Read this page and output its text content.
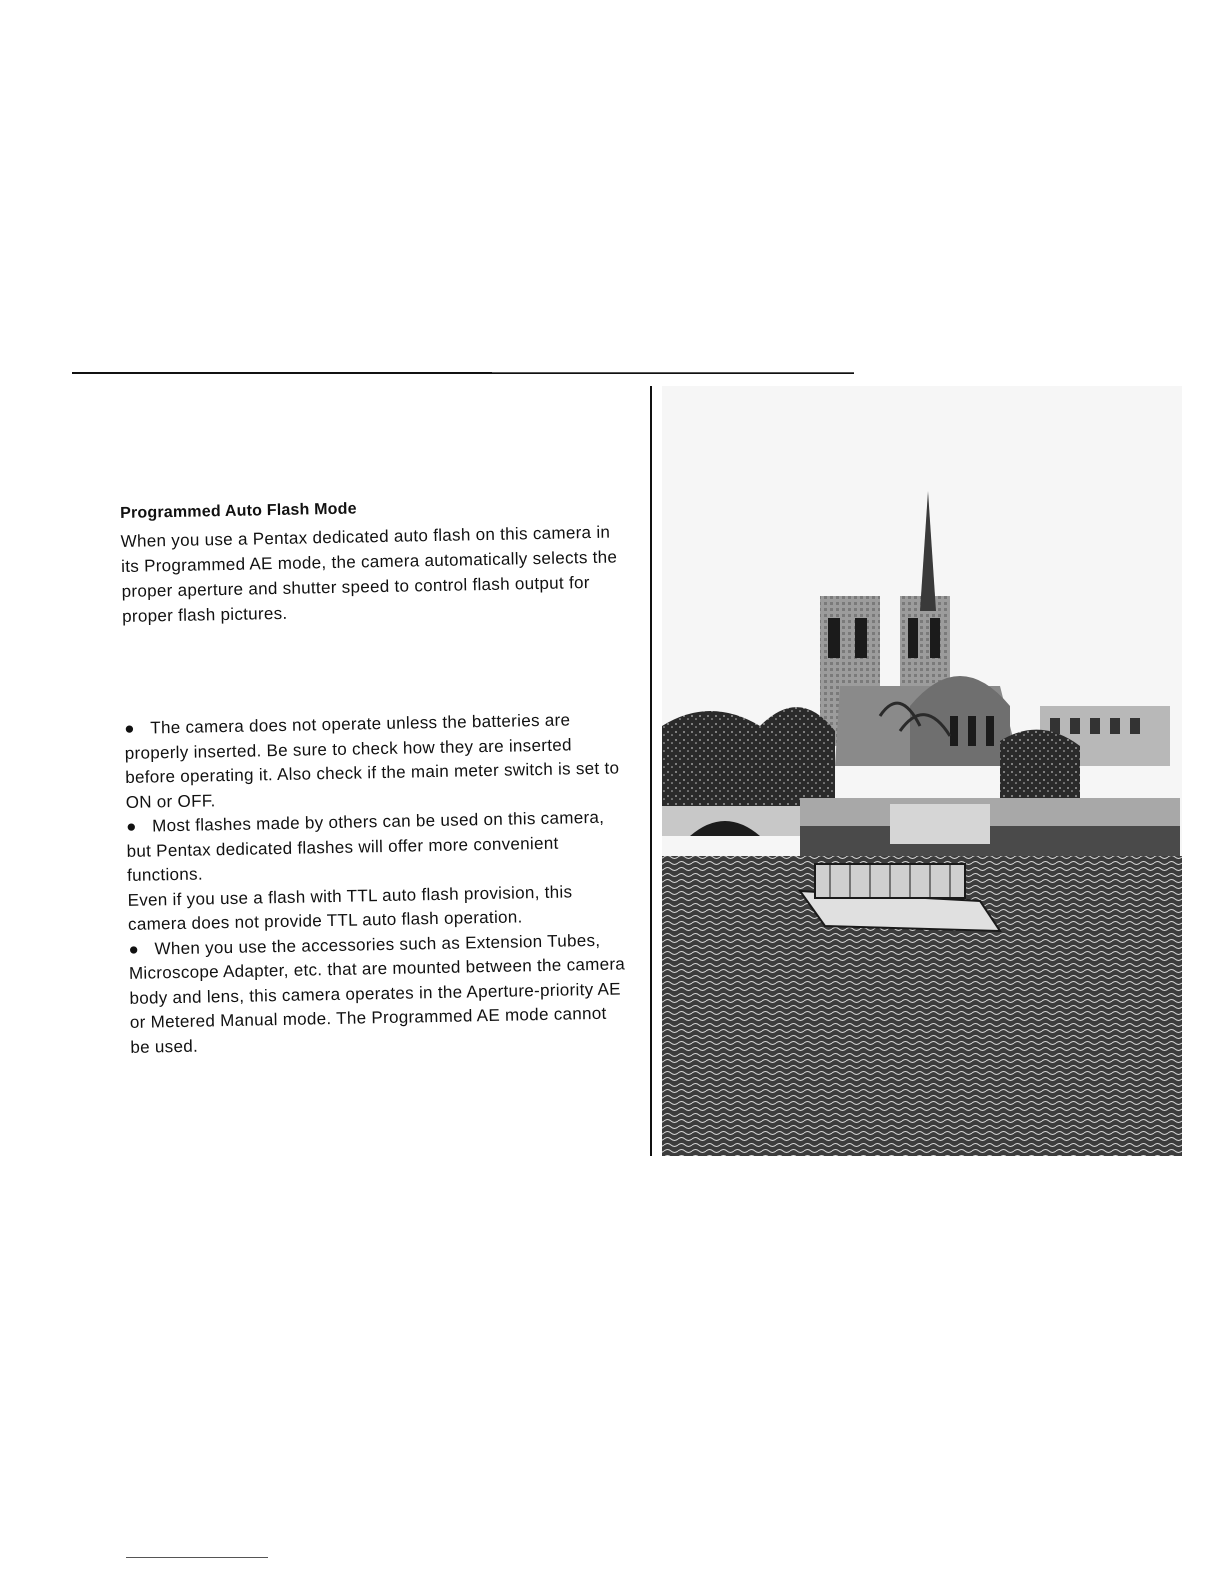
Programmed Auto Flash Mode

When you use a Pentax dedicated auto flash on this camera in its Programmed AE mode, the camera automatically selects the proper aperture and shutter speed to control flash output for proper flash pictures.

● The camera does not operate unless the batteries are properly inserted. Be sure to check how they are inserted before operating it. Also check if the main meter switch is set to ON or OFF.

● Most flashes made by others can be used on this camera, but Pentax dedicated flashes will offer more convenient functions.

Even if you use a flash with TTL auto flash provision, this camera does not provide TTL auto flash operation.

● When you use the accessories such as Extension Tubes, Microscope Adapter, etc. that are mounted between the camera body and lens, this camera operates in the Aperture-priority AE or Metered Manual mode. The Programmed AE mode cannot be used.
